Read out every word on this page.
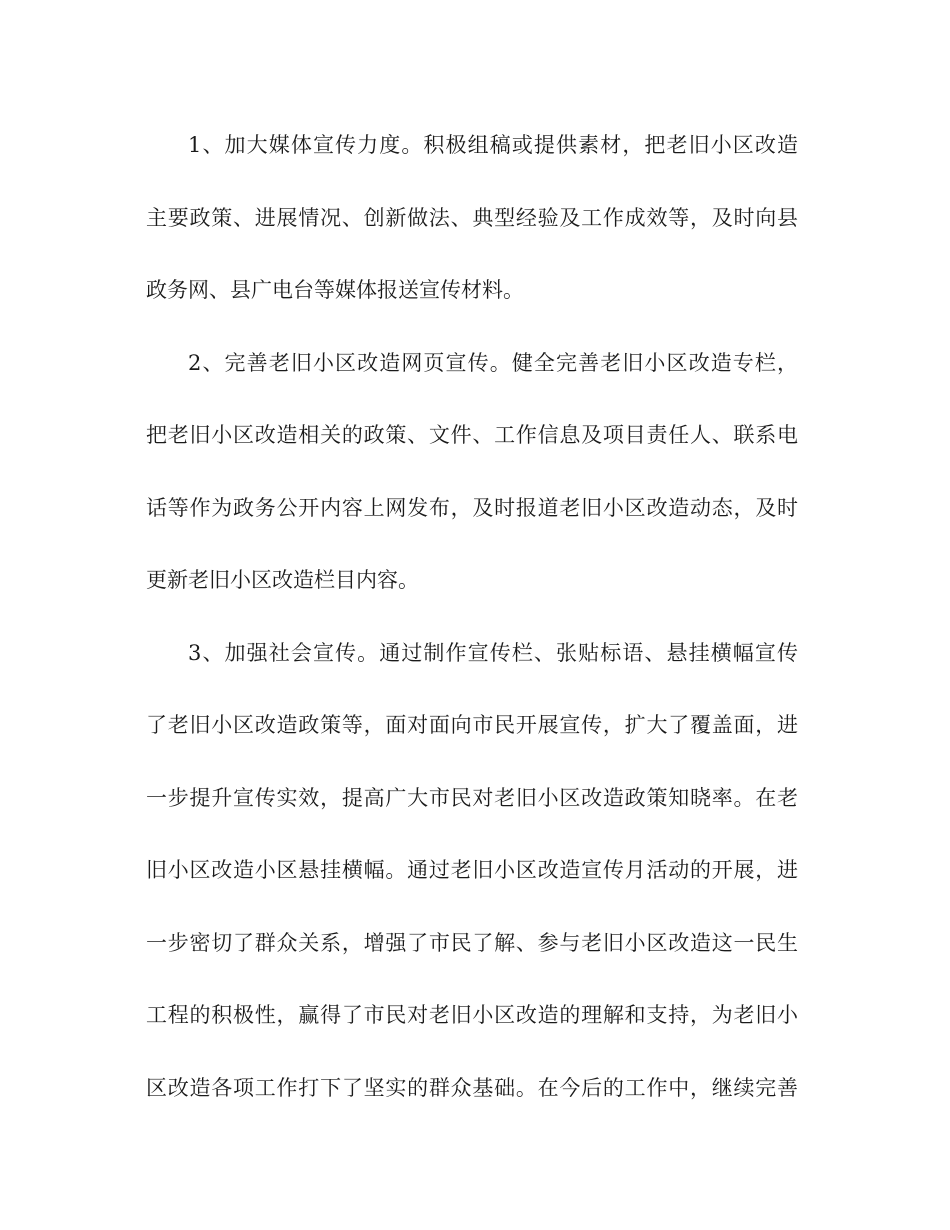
1、加大媒体宣传力度。积极组稿或提供素材，把老旧小区改造
主要政策、进展情况、创新做法、典型经验及工作成效等，及时向县
政务网、县广电台等媒体报送宣传材料。
2、完善老旧小区改造网页宣传。健全完善老旧小区改造专栏，
把老旧小区改造相关的政策、文件、工作信息及项目责任人、联系电
话等作为政务公开内容上网发布，及时报道老旧小区改造动态，及时
更新老旧小区改造栏目内容。
3、加强社会宣传。通过制作宣传栏、张贴标语、悬挂横幅宣传
了老旧小区改造政策等，面对面向市民开展宣传，扩大了覆盖面，进
一步提升宣传实效，提高广大市民对老旧小区改造政策知晓率。在老
旧小区改造小区悬挂横幅。通过老旧小区改造宣传月活动的开展，进
一步密切了群众关系，增强了市民了解、参与老旧小区改造这一民生
工程的积极性，赢得了市民对老旧小区改造的理解和支持，为老旧小
区改造各项工作打下了坚实的群众基础。在今后的工作中，继续完善
